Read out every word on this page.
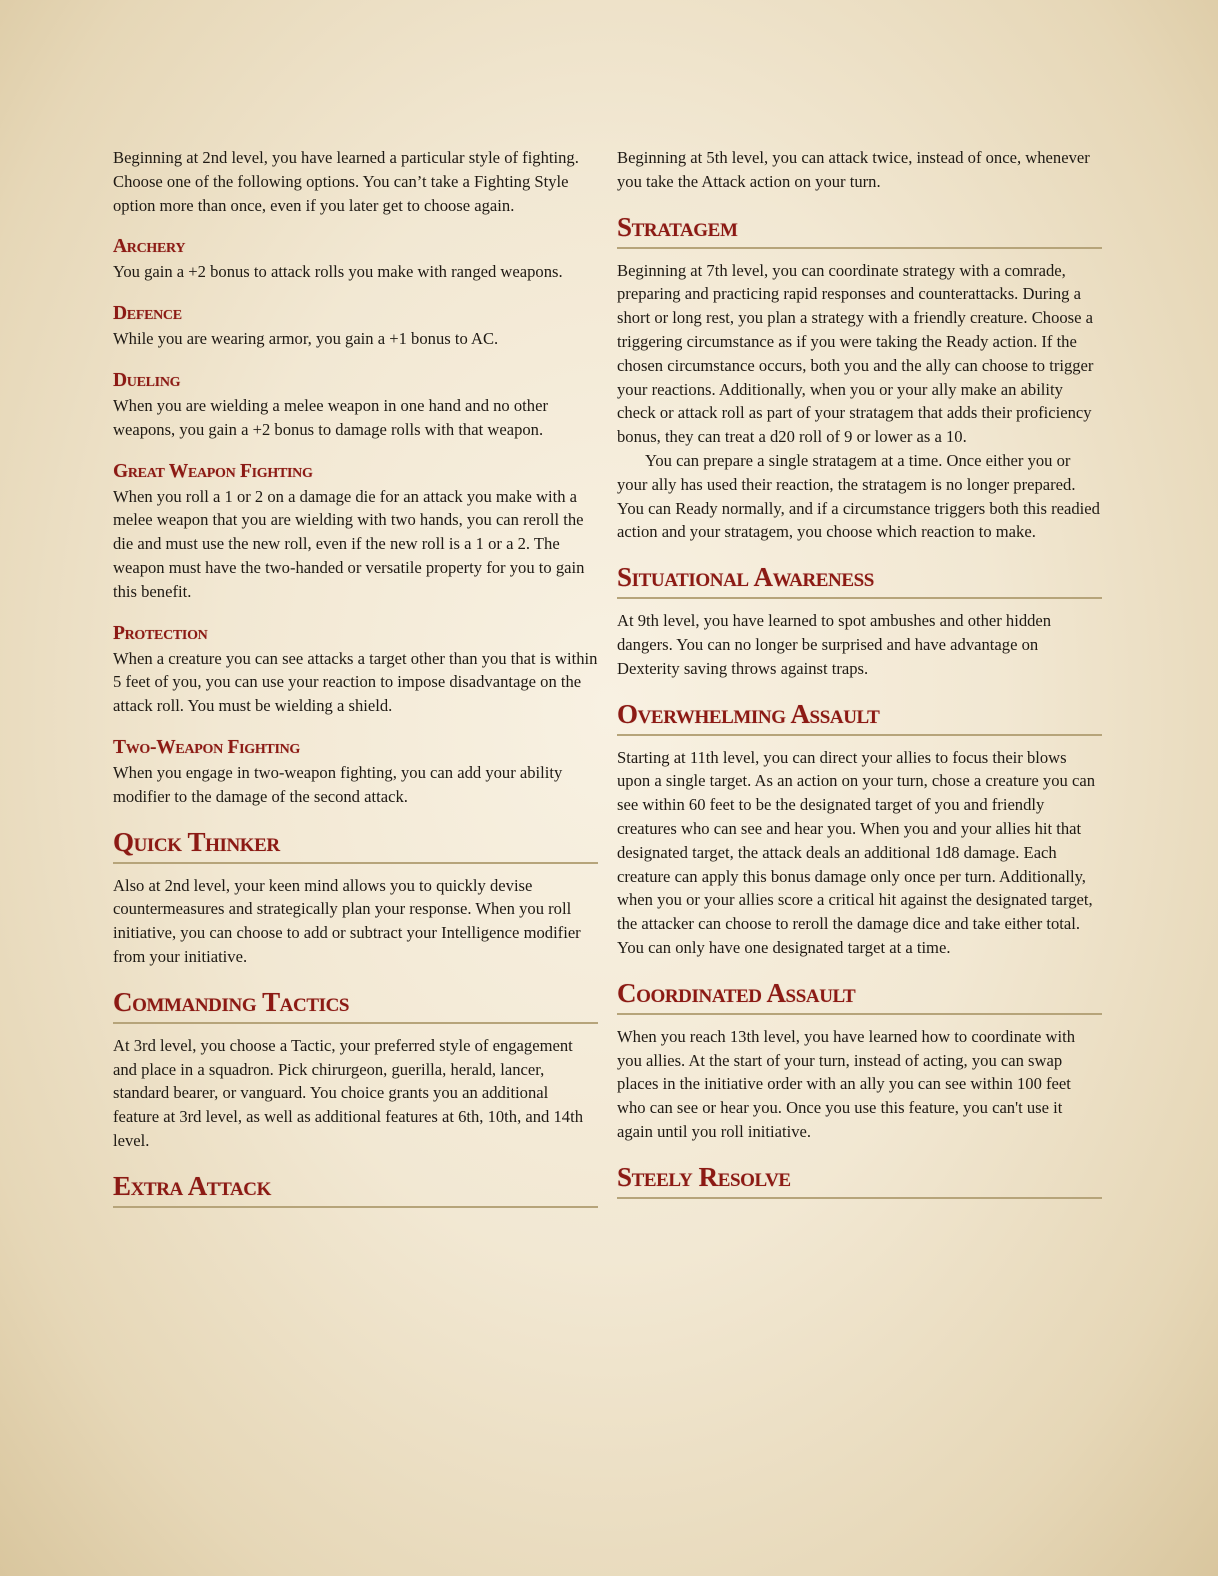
Beginning at 2nd level, you have learned a particular style of fighting. Choose one of the following options. You can’t take a Fighting Style option more than once, even if you later get to choose again.

Archery

You gain a +2 bonus to attack rolls you make with ranged weapons.

Defence

While you are wearing armor, you gain a +1 bonus to AC.

Dueling

When you are wielding a melee weapon in one hand and no other weapons, you gain a +2 bonus to damage rolls with that weapon.

Great Weapon Fighting

When you roll a 1 or 2 on a damage die for an attack you make with a melee weapon that you are wielding with two hands, you can reroll the die and must use the new roll, even if the new roll is a 1 or a 2. The weapon must have the two-handed or versatile property for you to gain this benefit.

Protection

When a creature you can see attacks a target other than you that is within 5 feet of you, you can use your reaction to impose disadvantage on the attack roll. You must be wielding a shield.

Two-Weapon Fighting

When you engage in two-weapon fighting, you can add your ability modifier to the damage of the second attack.

Quick Thinker

Also at 2nd level, your keen mind allows you to quickly devise countermeasures and strategically plan your response. When you roll initiative, you can choose to add or subtract your Intelligence modifier from your initiative.

Commanding Tactics

At 3rd level, you choose a Tactic, your preferred style of engagement and place in a squadron. Pick chirurgeon, guerilla, herald, lancer, standard bearer, or vanguard. You choice grants you an additional feature at 3rd level, as well as additional features at 6th, 10th, and 14th level.

Extra Attack

Beginning at 5th level, you can attack twice, instead of once, whenever you take the Attack action on your turn.

Stratagem

Beginning at 7th level, you can coordinate strategy with a comrade, preparing and practicing rapid responses and counterattacks. During a short or long rest, you plan a strategy with a friendly creature. Choose a triggering circumstance as if you were taking the Ready action. If the chosen circumstance occurs, both you and the ally can choose to trigger your reactions. Additionally, when you or your ally make an ability check or attack roll as part of your stratagem that adds their proficiency bonus, they can treat a d20 roll of 9 or lower as a 10.

You can prepare a single stratagem at a time. Once either you or your ally has used their reaction, the stratagem is no longer prepared. You can Ready normally, and if a circumstance triggers both this readied action and your stratagem, you choose which reaction to make.

Situational Awareness

At 9th level, you have learned to spot ambushes and other hidden dangers. You can no longer be surprised and have advantage on Dexterity saving throws against traps.

Overwhelming Assault

Starting at 11th level, you can direct your allies to focus their blows upon a single target. As an action on your turn, chose a creature you can see within 60 feet to be the designated target of you and friendly creatures who can see and hear you. When you and your allies hit that designated target, the attack deals an additional 1d8 damage. Each creature can apply this bonus damage only once per turn. Additionally, when you or your allies score a critical hit against the designated target, the attacker can choose to reroll the damage dice and take either total. You can only have one designated target at a time.

Coordinated Assault

When you reach 13th level, you have learned how to coordinate with you allies. At the start of your turn, instead of acting, you can swap places in the initiative order with an ally you can see within 100 feet who can see or hear you. Once you use this feature, you can't use it again until you roll initiative.

Steely Resolve
